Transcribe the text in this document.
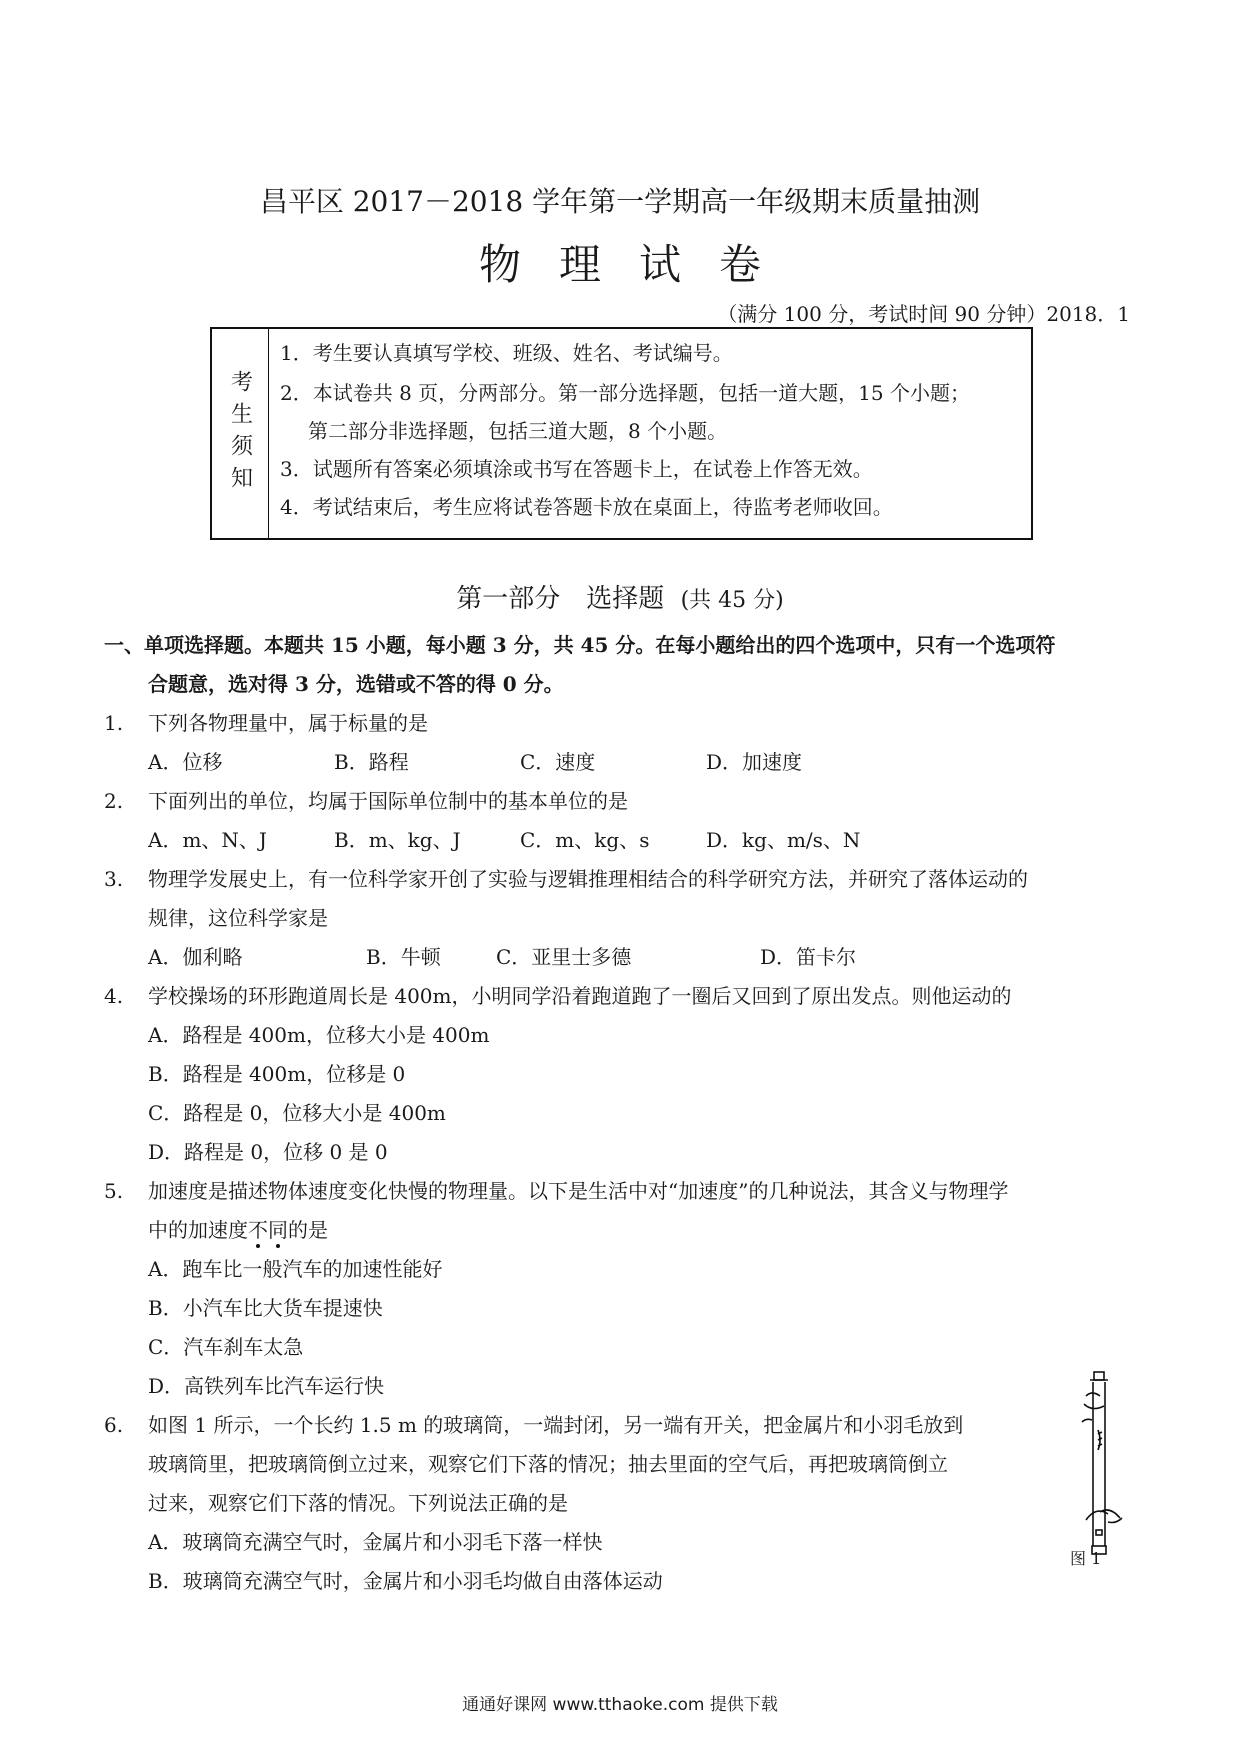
昌平区 2017－2018 学年第一学期高一年级期末质量抽测
物理试卷
（满分 100 分，考试时间 90 分钟）2018．1
考生须知
1．考生要认真填写学校、班级、姓名、考试编号。
2．本试卷共 8 页，分两部分。第一部分选择题，包括一道大题，15 个小题；
第二部分非选择题，包括三道大题，8 个小题。
3．试题所有答案必须填涂或书写在答题卡上，在试卷上作答无效。
4．考试结束后，考生应将试卷答题卡放在桌面上，待监考老师收回。
第一部分　选择题 (共 45 分)
一、单项选择题。本题共 15 小题，每小题 3 分，共 45 分。在每小题给出的四个选项中，只有一个选项符
合题意，选对得 3 分，选错或不答的得 0 分。
1. 下列各物理量中，属于标量的是
A．位移	B．路程	C．速度	D．加速度
2. 下面列出的单位，均属于国际单位制中的基本单位的是
A．m、N、J	B．m、kg、J	C．m、kg、s	D．kg、m/s、N
3. 物理学发展史上，有一位科学家开创了实验与逻辑推理相结合的科学研究方法，并研究了落体运动的
规律，这位科学家是
A．伽利略	B．牛顿	C．亚里士多德	D．笛卡尔
4. 学校操场的环形跑道周长是 400m，小明同学沿着跑道跑了一圈后又回到了原出发点。则他运动的
A．路程是 400m，位移大小是 400m
B．路程是 400m，位移是 0
C．路程是 0，位移大小是 400m
D．路程是 0，位移 0 是 0
5. 加速度是描述物体速度变化快慢的物理量。以下是生活中对“加速度”的几种说法，其含义与物理学
中的加速度不
同
的是
A．跑车比一般汽车的加速性能好
B．小汽车比大货车提速快
C．汽车刹车太急
D．高铁列车比汽车运行快
6. 如图 1 所示，一个长约 1.5 m 的玻璃筒，一端封闭，另一端有开关，把金属片和小羽毛放到
玻璃筒里，把玻璃筒倒立过来，观察它们下落的情况；抽去里面的空气后，再把玻璃筒倒立
过来，观察它们下落的情况。下列说法正确的是
A．玻璃筒充满空气时，金属片和小羽毛下落一样快
B．玻璃筒充满空气时，金属片和小羽毛均做自由落体运动
图 1
通通好课网 www.tthaoke.com 提供下载
